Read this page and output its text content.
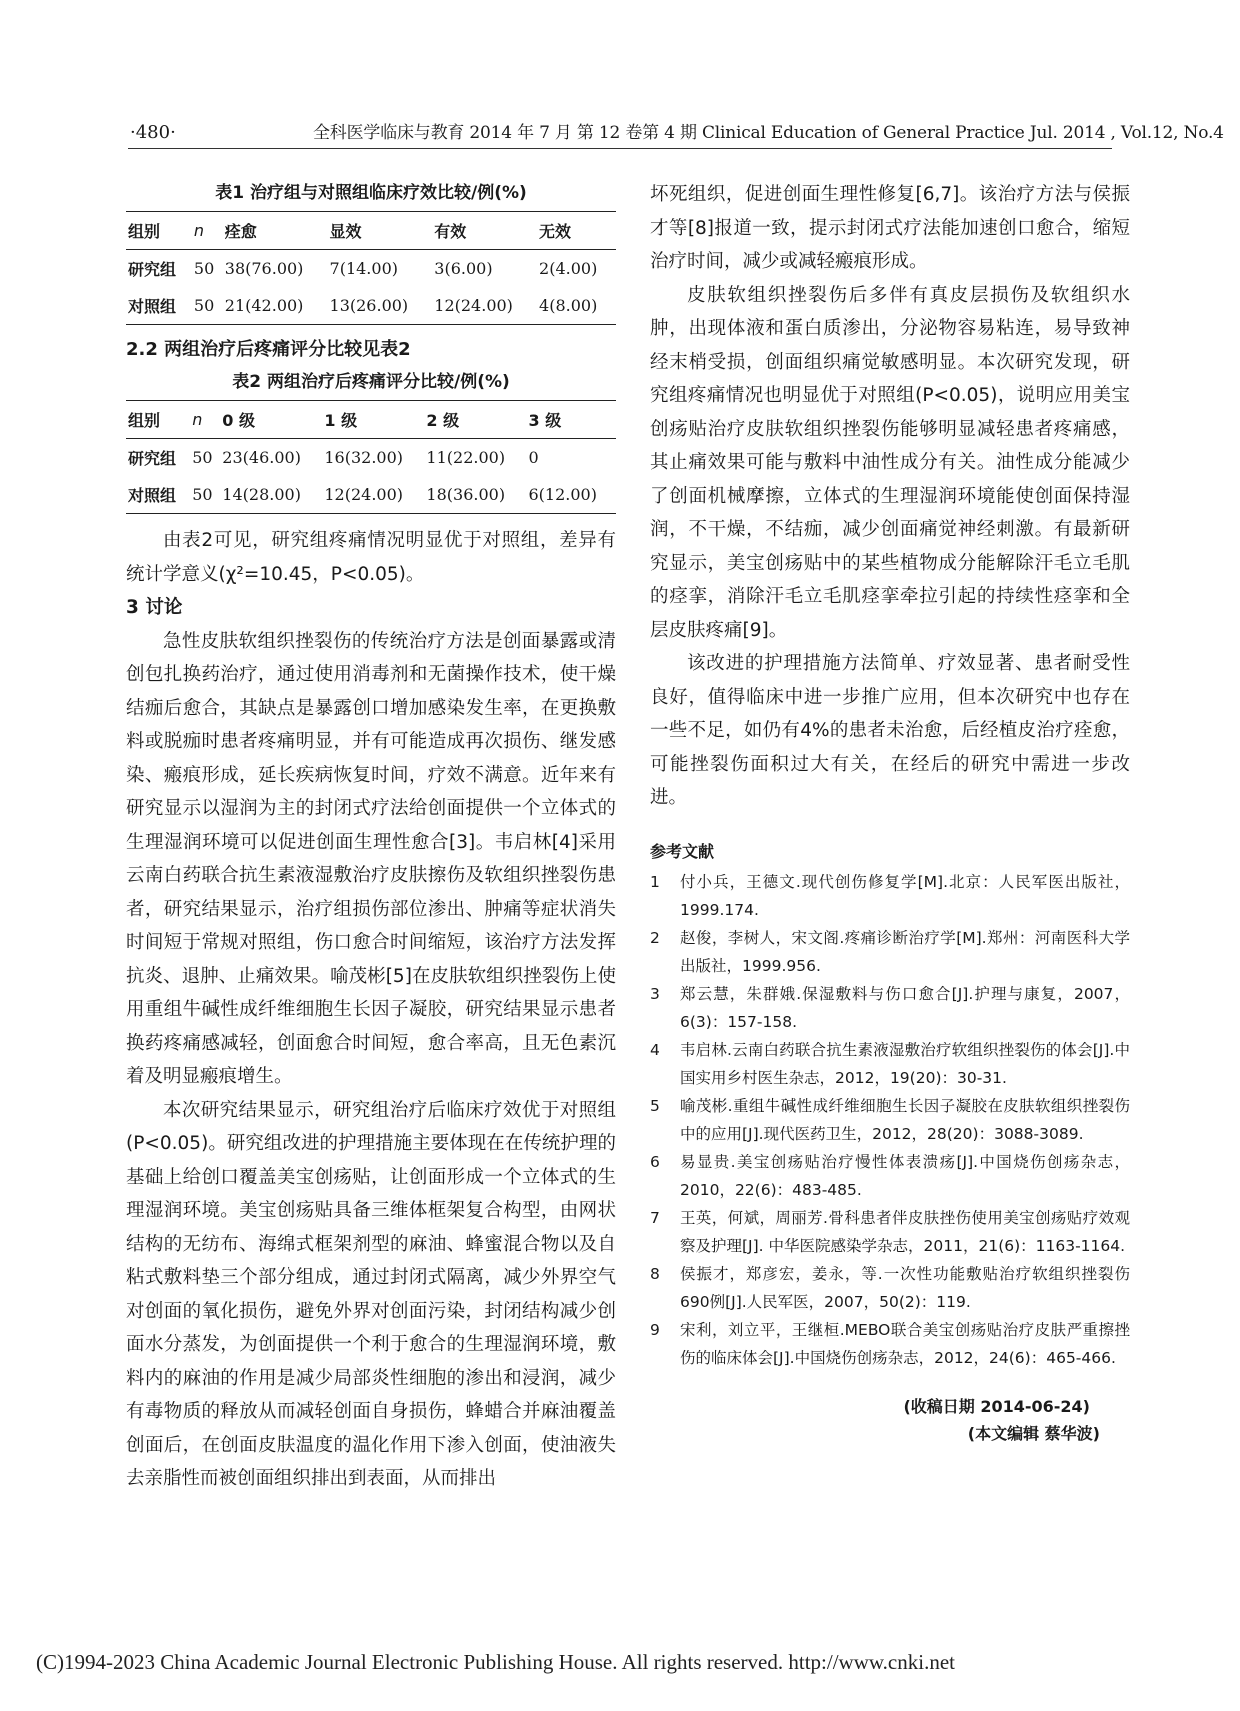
·480·	全科医学临床与教育 2014 年 7 月 第 12 卷第 4 期 Clinical Education of General Practice Jul. 2014 , Vol.12, No.4
表1 治疗组与对照组临床疗效比较/例(%)
组别	n	痊愈	显效	有效	无效
研究组	50	38(76.00)	7(14.00)	3(6.00)	2(4.00)
对照组	50	21(42.00)	13(26.00)	12(24.00)	4(8.00)
2.2 两组治疗后疼痛评分比较见表2
表2 两组治疗后疼痛评分比较/例(%)
组别	n	0 级	1 级	2 级	3 级
研究组	50	23(46.00)	16(32.00)	11(22.00)	0
对照组	50	14(28.00)	12(24.00)	18(36.00)	6(12.00)

由表2可见，研究组疼痛情况明显优于对照组，差异有统计学意义(χ²=10.45，P<0.05)。

3 讨论

急性皮肤软组织挫裂伤的传统治疗方法是创面暴露或清创包扎换药治疗，通过使用消毒剂和无菌操作技术，使干燥结痂后愈合，其缺点是暴露创口增加感染发生率，在更换敷料或脱痂时患者疼痛明显，并有可能造成再次损伤、继发感染、瘢痕形成，延长疾病恢复时间，疗效不满意。近年来有研究显示以湿润为主的封闭式疗法给创面提供一个立体式的生理湿润环境可以促进创面生理性愈合[3]。韦启林[4]采用云南白药联合抗生素液湿敷治疗皮肤擦伤及软组织挫裂伤患者，研究结果显示，治疗组损伤部位渗出、肿痛等症状消失时间短于常规对照组，伤口愈合时间缩短，该治疗方法发挥抗炎、退肿、止痛效果。喻茂彬[5]在皮肤软组织挫裂伤上使用重组牛碱性成纤维细胞生长因子凝胶，研究结果显示患者换药疼痛感减轻，创面愈合时间短，愈合率高，且无色素沉着及明显瘢痕增生。

本次研究结果显示，研究组治疗后临床疗效优于对照组(P<0.05)。研究组改进的护理措施主要体现在在传统护理的基础上给创口覆盖美宝创疡贴，让创面形成一个立体式的生理湿润环境。美宝创疡贴具备三维体框架复合构型，由网状结构的无纺布、海绵式框架剂型的麻油、蜂蜜混合物以及自粘式敷料垫三个部分组成，通过封闭式隔离，减少外界空气对创面的氧化损伤，避免外界对创面污染，封闭结构减少创面水分蒸发，为创面提供一个利于愈合的生理湿润环境，敷料内的麻油的作用是减少局部炎性细胞的渗出和浸润，减少有毒物质的释放从而减轻创面自身损伤，蜂蜡合并麻油覆盖创面后，在创面皮肤温度的温化作用下渗入创面，使油液失去亲脂性而被创面组织排出到表面，从而排出

坏死组织，促进创面生理性修复[6,7]。该治疗方法与侯振才等[8]报道一致，提示封闭式疗法能加速创口愈合，缩短治疗时间，减少或减轻瘢痕形成。

皮肤软组织挫裂伤后多伴有真皮层损伤及软组织水肿，出现体液和蛋白质渗出，分泌物容易粘连，易导致神经末梢受损，创面组织痛觉敏感明显。本次研究发现，研究组疼痛情况也明显优于对照组(P<0.05)，说明应用美宝创疡贴治疗皮肤软组织挫裂伤能够明显减轻患者疼痛感，其止痛效果可能与敷料中油性成分有关。油性成分能减少了创面机械摩擦，立体式的生理湿润环境能使创面保持湿润，不干燥，不结痂，减少创面痛觉神经刺激。有最新研究显示，美宝创疡贴中的某些植物成分能解除汗毛立毛肌的痉挛，消除汗毛立毛肌痉挛牵拉引起的持续性痉挛和全层皮肤疼痛[9]。

该改进的护理措施方法简单、疗效显著、患者耐受性良好，值得临床中进一步推广应用，但本次研究中也存在一些不足，如仍有4%的患者未治愈，后经植皮治疗痊愈，可能挫裂伤面积过大有关，在经后的研究中需进一步改进。

参考文献
1 付小兵，王德文.现代创伤修复学[M].北京：人民军医出版社，1999.174.
2 赵俊，李树人，宋文阁.疼痛诊断治疗学[M].郑州：河南医科大学出版社，1999.956.
3 郑云慧，朱群娥.保湿敷料与伤口愈合[J].护理与康复，2007，6(3)：157-158.
4 韦启林.云南白药联合抗生素液湿敷治疗软组织挫裂伤的体会[J].中国实用乡村医生杂志，2012，19(20)：30-31.
5 喻茂彬.重组牛碱性成纤维细胞生长因子凝胶在皮肤软组织挫裂伤中的应用[J].现代医药卫生，2012，28(20)：3088-3089.
6 易显贵.美宝创疡贴治疗慢性体表溃疡[J].中国烧伤创疡杂志，2010，22(6)：483-485.
7 王英，何斌，周丽芳.骨科患者伴皮肤挫伤使用美宝创疡贴疗效观察及护理[J]. 中华医院感染学杂志，2011，21(6)：1163-1164.
8 侯振才，郑彦宏，姜永，等.一次性功能敷贴治疗软组织挫裂伤690例[J].人民军医，2007，50(2)：119.
9 宋利，刘立平，王继桓.MEBO联合美宝创疡贴治疗皮肤严重擦挫伤的临床体会[J].中国烧伤创疡杂志，2012，24(6)：465-466.
(收稿日期 2014-06-24)
(本文编辑 蔡华波)
(C)1994-2023 China Academic Journal Electronic Publishing House. All rights reserved. http://www.cnki.net
